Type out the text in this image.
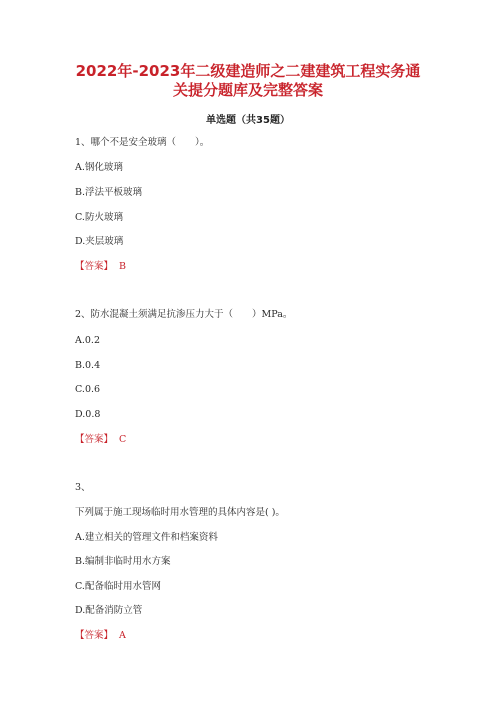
2022年-2023年二级建造师之二建建筑工程实务通
关提分题库及完整答案
单选题（共35题）
1、哪个不是安全玻璃（　　）。
A.钢化玻璃
B.浮法平板玻璃
C.防火玻璃
D.夹层玻璃
【答案】 B
2、防水混凝土须满足抗渗压力大于（　　）MPa。
A.0.2
B.0.4
C.0.6
D.0.8
【答案】 C
3、
下列属于施工现场临时用水管理的具体内容是( )。
A.建立相关的管理文件和档案资料
B.编制非临时用水方案
C.配备临时用水管网
D.配备消防立管
【答案】 A
